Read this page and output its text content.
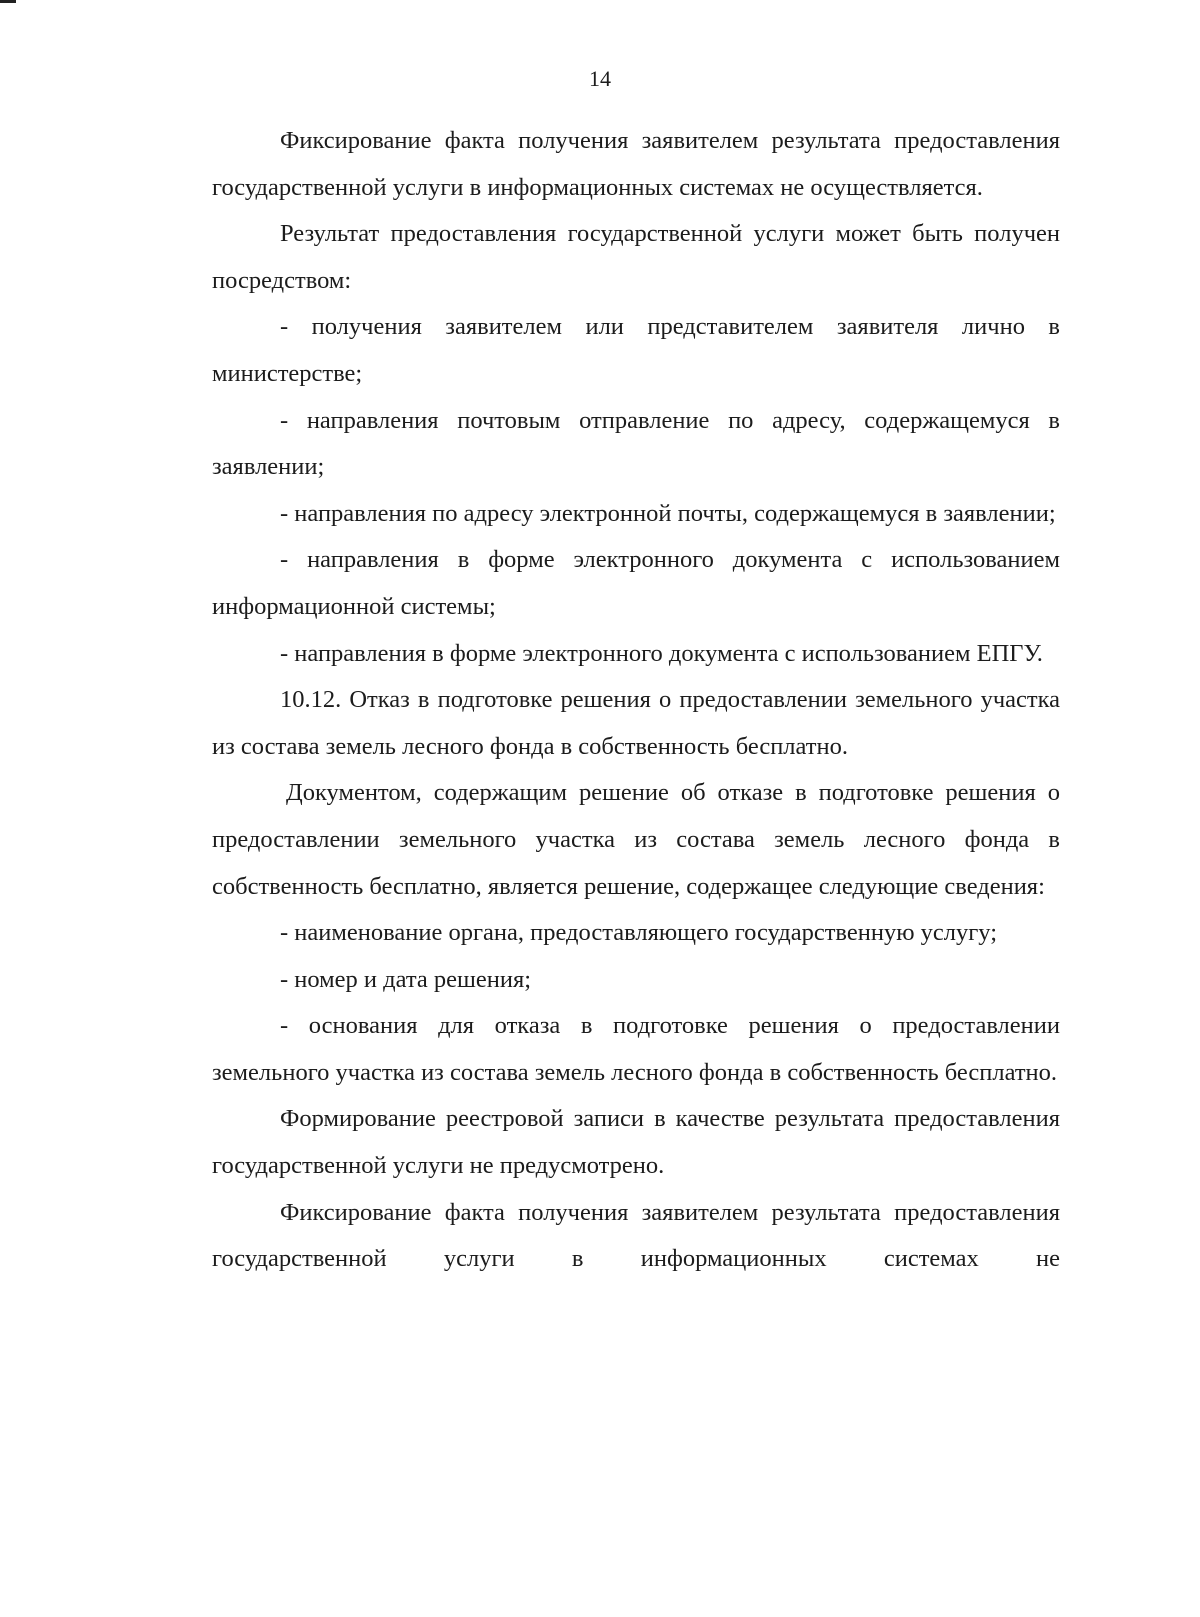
14

Фиксирование факта получения заявителем результата предоставления государственной услуги в информационных системах не осуществляется.

Результат предоставления государственной услуги может быть получен посредством:

- получения заявителем или представителем заявителя лично в министерстве;

- направления почтовым отправление по адресу, содержащемуся в заявлении;

- направления по адресу электронной почты, содержащемуся в заявлении;

- направления в форме электронного документа с использованием информационной системы;

- направления в форме электронного документа с использованием ЕПГУ.

10.12. Отказ в подготовке решения о предоставлении земельного участка из состава земель лесного фонда в собственность бесплатно.

Документом, содержащим решение об отказе в подготовке решения о предоставлении земельного участка из состава земель лесного фонда в собственность бесплатно, является решение, содержащее следующие сведения:

- наименование органа, предоставляющего государственную услугу;

- номер и дата решения;

- основания для отказа в подготовке решения о предоставлении земельного участка из состава земель лесного фонда в собственность бесплатно.

Формирование реестровой записи в качестве результата предоставления государственной услуги не предусмотрено.

Фиксирование факта получения заявителем результата предоставления государственной услуги в информационных системах не
